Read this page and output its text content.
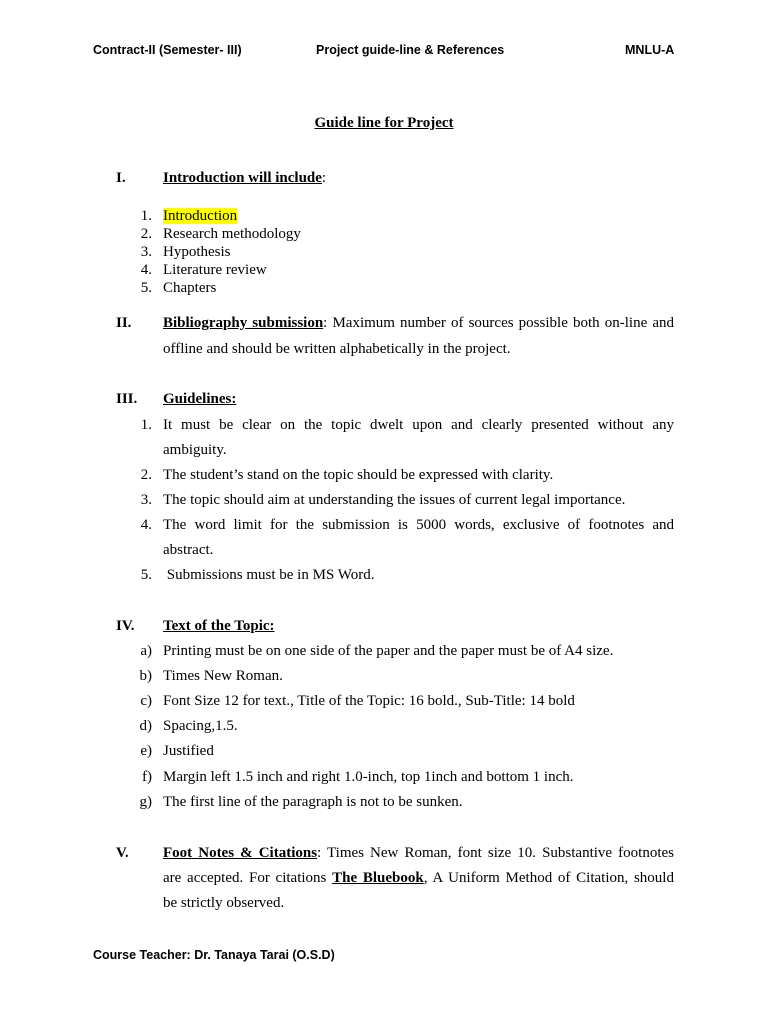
Contract-II (Semester- III)	Project guide-line & References	MNLU-A
Guide line for Project
I. Introduction will include:
1. Introduction
2. Research methodology
3. Hypothesis
4. Literature review
5. Chapters
II. Bibliography submission: Maximum number of sources possible both on-line and
offline and should be written alphabetically in the project.
III. Guidelines:
1. It must be clear on the topic dwelt upon and clearly presented without any
ambiguity.
2. The student’s stand on the topic should be expressed with clarity.
3. The topic should aim at understanding the issues of current legal importance.
4. The word limit for the submission is 5000 words, exclusive of footnotes and
abstract.
5. Submissions must be in MS Word.
IV. Text of the Topic:
a) Printing must be on one side of the paper and the paper must be of A4 size.
b) Times New Roman.
c) Font Size 12 for text., Title of the Topic: 16 bold., Sub-Title: 14 bold
d) Spacing,1.5.
e) Justified
f) Margin left 1.5 inch and right 1.0-inch, top 1inch and bottom 1 inch.
g) The first line of the paragraph is not to be sunken.
V. Foot Notes & Citations: Times New Roman, font size 10. Substantive footnotes
are accepted. For citations The Bluebook, A Uniform Method of Citation, should
be strictly observed.
Course Teacher: Dr. Tanaya Tarai (O.S.D)
